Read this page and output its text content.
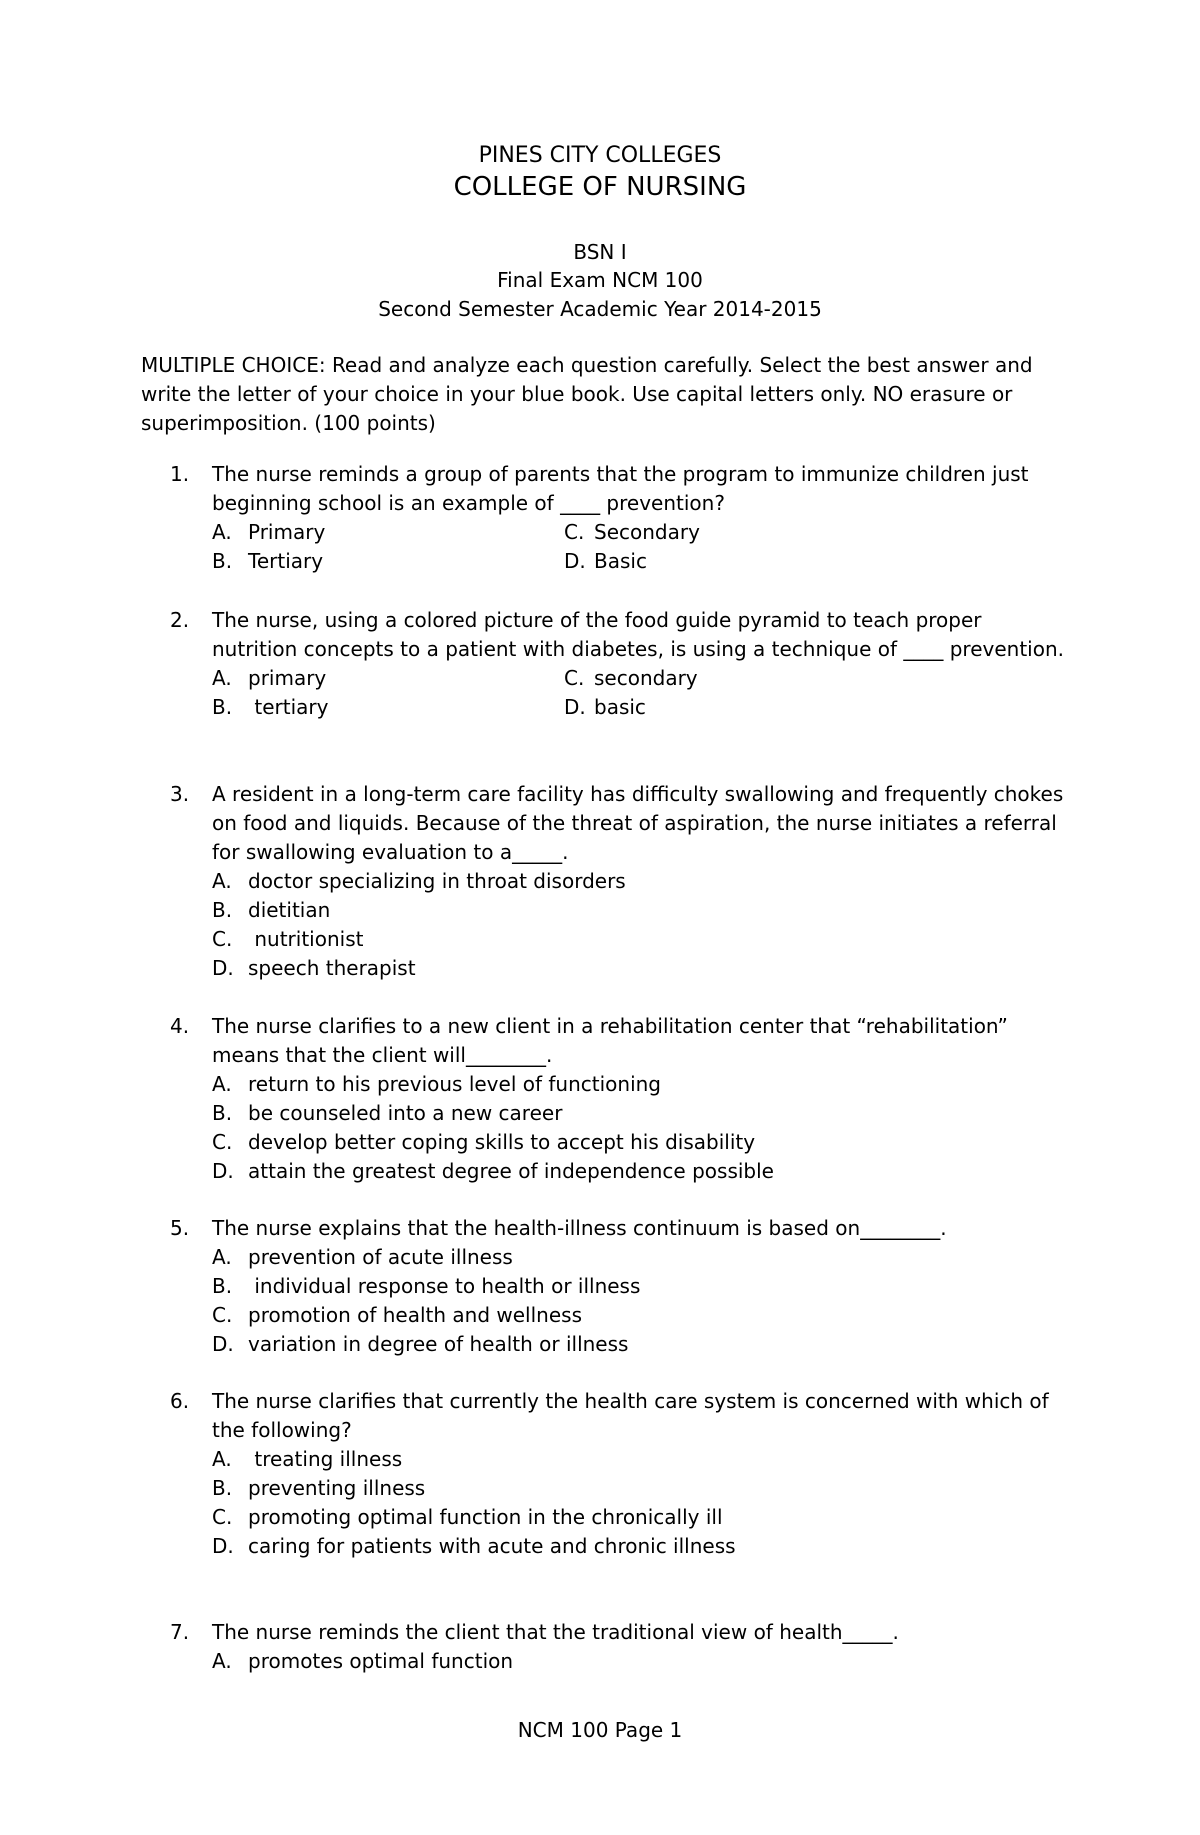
PINES CITY COLLEGES
COLLEGE OF NURSING
BSN I
Final Exam NCM 100
Second Semester Academic Year 2014-2015
MULTIPLE CHOICE: Read and analyze each question carefully. Select the best answer and write the letter of your choice in your blue book. Use capital letters only. NO erasure or superimposition. (100 points)
1.	The nurse reminds a group of parents that the program to immunize children just beginning school is an example of ____ prevention?
A. Primary	C. Secondary
B. Tertiary	D. Basic
2.	The nurse, using a colored picture of the food guide pyramid to teach proper nutrition concepts to a patient with diabetes, is using a technique of ____ prevention.
A. primary	C. secondary
B. tertiary	D. basic
3.	A resident in a long-term care facility has difficulty swallowing and frequently chokes on food and liquids. Because of the threat of aspiration, the nurse initiates a referral for swallowing evaluation to a_____.
A. doctor specializing in throat disorders
B. dietitian
C. nutritionist
D. speech therapist
4.	The nurse clarifies to a new client in a rehabilitation center that “rehabilitation” means that the client will________.
A. return to his previous level of functioning
B. be counseled into a new career
C. develop better coping skills to accept his disability
D. attain the greatest degree of independence possible
5.	The nurse explains that the health-illness continuum is based on________.
A. prevention of acute illness
B. individual response to health or illness
C. promotion of health and wellness
D. variation in degree of health or illness
6.	The nurse clarifies that currently the health care system is concerned with which of the following?
A. treating illness
B. preventing illness
C. promoting optimal function in the chronically ill
D. caring for patients with acute and chronic illness
7.	The nurse reminds the client that the traditional view of health_____.
A. promotes optimal function
NCM 100 Page 1
